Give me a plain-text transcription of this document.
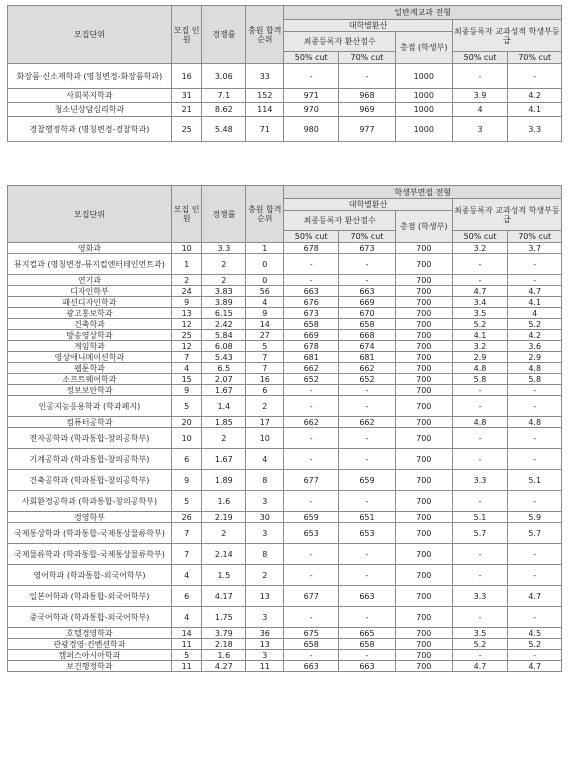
모집단위	모집 인원	경쟁률	충원 합격 순위	일반계교과 전형				
				대학별환산			최종등록자 교과성적 학생부등급	
				최종등록자 환산점수		총점 (학생부)		
				50% cut	70% cut		50% cut	70% cut
화장품·신소재학과 (명칭변경-화장품학과)	16	3.06	33	-	-	1000	-	-
사회복지학과	31	7.1	152	971	968	1000	3.9	4.2
청소년상담심리학과	21	8.62	114	970	969	1000	4	4.1
경찰행정학과 (명칭변경-경찰학과)	25	5.48	71	980	977	1000	3	3.3
모집단위	모집 인원	경쟁률	충원 합격 순위	학생부면접 전형				
				대학별환산			최종등록자 교과성적 학생부등급	
				최종등록자 환산점수		총점 (학생부)		
				50% cut	70% cut		50% cut	70% cut
영화과	10	3.3	1	678	673	700	3.2	3.7
뮤지컬과 (명칭변경-뮤지컬엔터테인먼트과)	1	2	0	-	-	700	-	-
연기과	2	2	0	-	-	700	-	-
디자인학부	24	3.83	56	663	663	700	4.7	4.7
패션디자인학과	9	3.89	4	676	669	700	3.4	4.1
광고홍보학과	13	6.15	9	673	670	700	3.5	4
건축학과	12	2.42	14	658	658	700	5.2	5.2
방송영상학과	25	5.84	27	669	668	700	4.1	4.2
게임학과	12	6.08	5	678	674	700	3.2	3.6
영상애니메이션학과	7	5.43	7	681	681	700	2.9	2.9
웹툰학과	4	6.5	7	662	662	700	4.8	4.8
소프트웨어학과	15	2.07	16	652	652	700	5.8	5.8
정보보안학과	9	1.67	6	-	-	700	-	-
인공지능응용학과 (학과폐지)	5	1.4	2	-	-	700	-	-
컴퓨터공학과	20	1.85	17	662	662	700	4.8	4.8
전자공학과 (학과통합-창의공학부)	10	2	10	-	-	700	-	-
기계공학과 (학과통합-창의공학부)	6	1.67	4	-	-	700	-	-
건축공학과 (학과통합-창의공학부)	9	1.89	8	677	659	700	3.3	5.1
사회환경공학과 (학과통합-창의공학부)	5	1.6	3	-	-	700	-	-
경영학부	26	2.19	30	659	651	700	5.1	5.9
국제통상학과 (학과통합-국제통상물류학부)	7	2	3	653	653	700	5.7	5.7
국제물류학과 (학과통합-국제통상물류학부)	7	2.14	8	-	-	700	-	-
영어학과 (학과통합-외국어학부)	4	1.5	2	-	-	700	-	-
일본어학과 (학과통합-외국어학부)	6	4.17	13	677	663	700	3.3	4.7
중국어학과 (학과통합-외국어학부)	4	1.75	3	-	-	700	-	-
호텔경영학과	14	3.79	36	675	665	700	3.5	4.5
관광경영·컨벤션학과	11	2.18	13	658	658	700	5.2	5.2
캠퍼스아시아학과	5	1.6	3	-	-	700	-	-
보건행정학과	11	4.27	11	663	663	700	4.7	4.7
